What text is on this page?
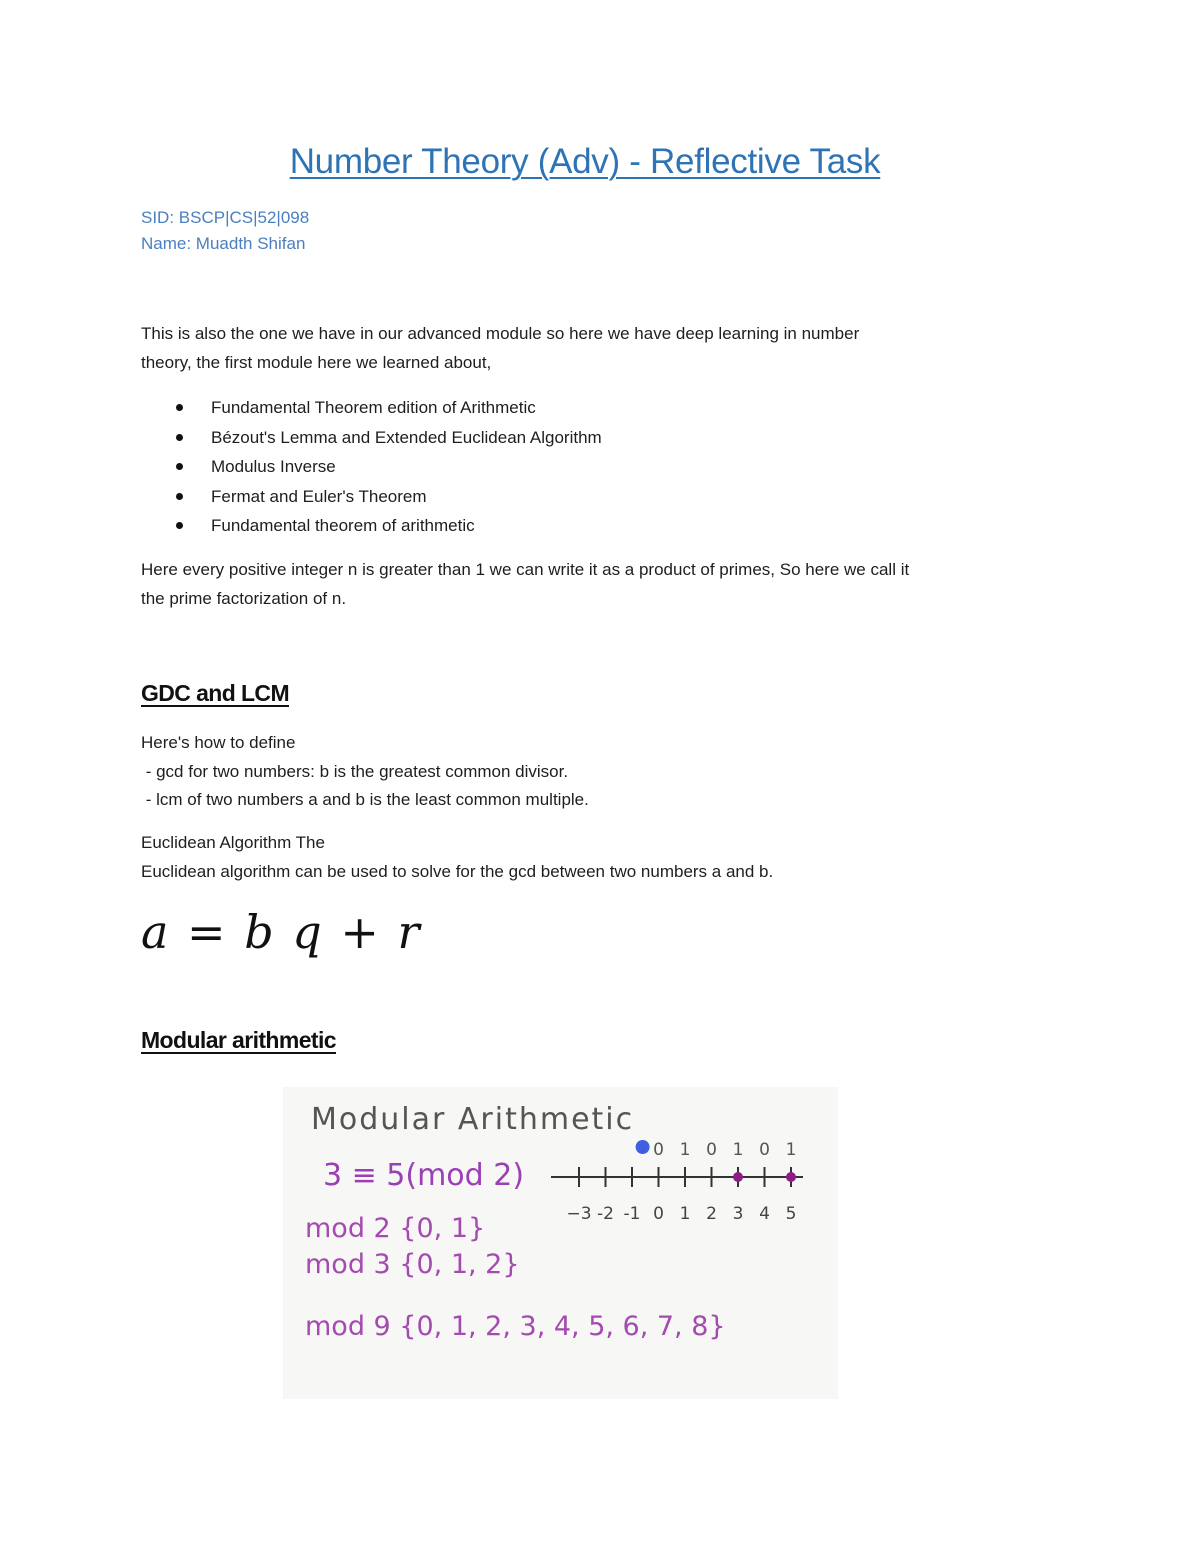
Number Theory (Adv) - Reflective Task
SID: BSCP|CS|52|098
Name: Muadth Shifan
This is also the one we have in our advanced module so here we have deep learning in number
theory, the first module here we learned about,
Fundamental Theorem edition of Arithmetic
Bézout's Lemma and Extended Euclidean Algorithm
Modulus Inverse
Fermat and Euler's Theorem
Fundamental theorem of arithmetic
Here every positive integer n is greater than 1 we can write it as a product of primes, So here we call it
the prime factorization of n.
GDC and LCM
Here's how to define
- gcd for two numbers: b is the greatest common divisor.
- lcm of two numbers a and b is the least common multiple.
Euclidean Algorithm The
Euclidean algorithm can be used to solve for the gcd between two numbers a and b.
a = b q + r
Modular arithmetic
Modular Arithmetic
3 ≡ 5(mod 2)
mod 2 {0, 1}
mod 3 {0, 1, 2}
mod 9 {0, 1, 2, 3, 4, 5, 6, 7, 8}
0 1 0 1 0 1
−3 -2 -1 0 1 2 3 4 5
